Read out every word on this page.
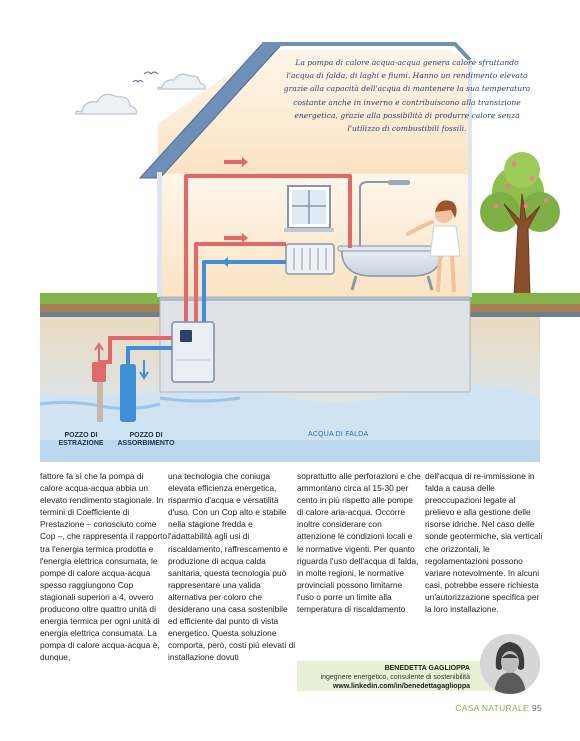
La pompa di calore acqua-acqua genera calore sfruttando l'acqua di falda, di laghi e fiumi. Hanno un rendimento elevato grazie alla capacità dell'acqua di mantenere la sua temperatura costante anche in inverno e contribuiscono alla transizione energetica, grazie alla possibilità di produrre calore senza l'utilizzo di combustibili fossili.

POZZO DI
ESTRAZIONE
POZZO DI
ASSORBIMENTO
ACQUA DI FALDA

fattore fa sì che la pompa di calore acqua-acqua abbia un elevato rendimento stagionale. In termini di Coefficiente di Prestazione – conosciuto come Cop –, che rappresenta il rapporto tra l'energia termica prodotta e l'energia elettrica consumata, le pompe di calore acqua-acqua spesso raggiungono Cop stagionali superiori a 4, ovvero producono oltre quattro unità di energia termica per ogni unità di energia elettrica consumata. La pompa di calore acqua-acqua è, dunque,

una tecnologia che coniuga elevata efficienza energetica, risparmio d'acqua e versatilità d'uso. Con un Cop alto e stabile nella stagione fredda e l'adattabilità agli usi di riscaldamento, raffrescamento e produzione di acqua calda sanitaria, questa tecnologia può rappresentare una valida alternativa per coloro che desiderano una casa sostenibile ed efficiente dal punto di vista energetico. Questa soluzione comporta, però, costi più elevati di installazione dovuti

soprattutto alle perforazioni e che ammontano circa al 15-30 per cento in più rispetto alle pompe di calore aria-acqua. Occorre inoltre considerare con attenzione le condizioni locali e le normative vigenti. Per quanto riguarda l'uso dell'acqua di falda, in molte regioni, le normative provinciali possono limitarne l'uso o porre un limite alla temperatura di riscaldamento

dell'acqua di re-immissione in falda a causa delle preoccupazioni legate al prelievo e alla gestione delle risorse idriche. Nel caso delle sonde geotermiche, sia verticali che orizzontali, le regolamentazioni possono variare notevolmente. In alcuni casi, potrebbe essere richiesta un'autorizzazione specifica per la loro installazione.

BENEDETTA GAGLIOPPA
ingegnere energetico, consulente di sostenibilità
www.linkedin.com/in/benedettagaglioppa
CASA NATURALE 95
